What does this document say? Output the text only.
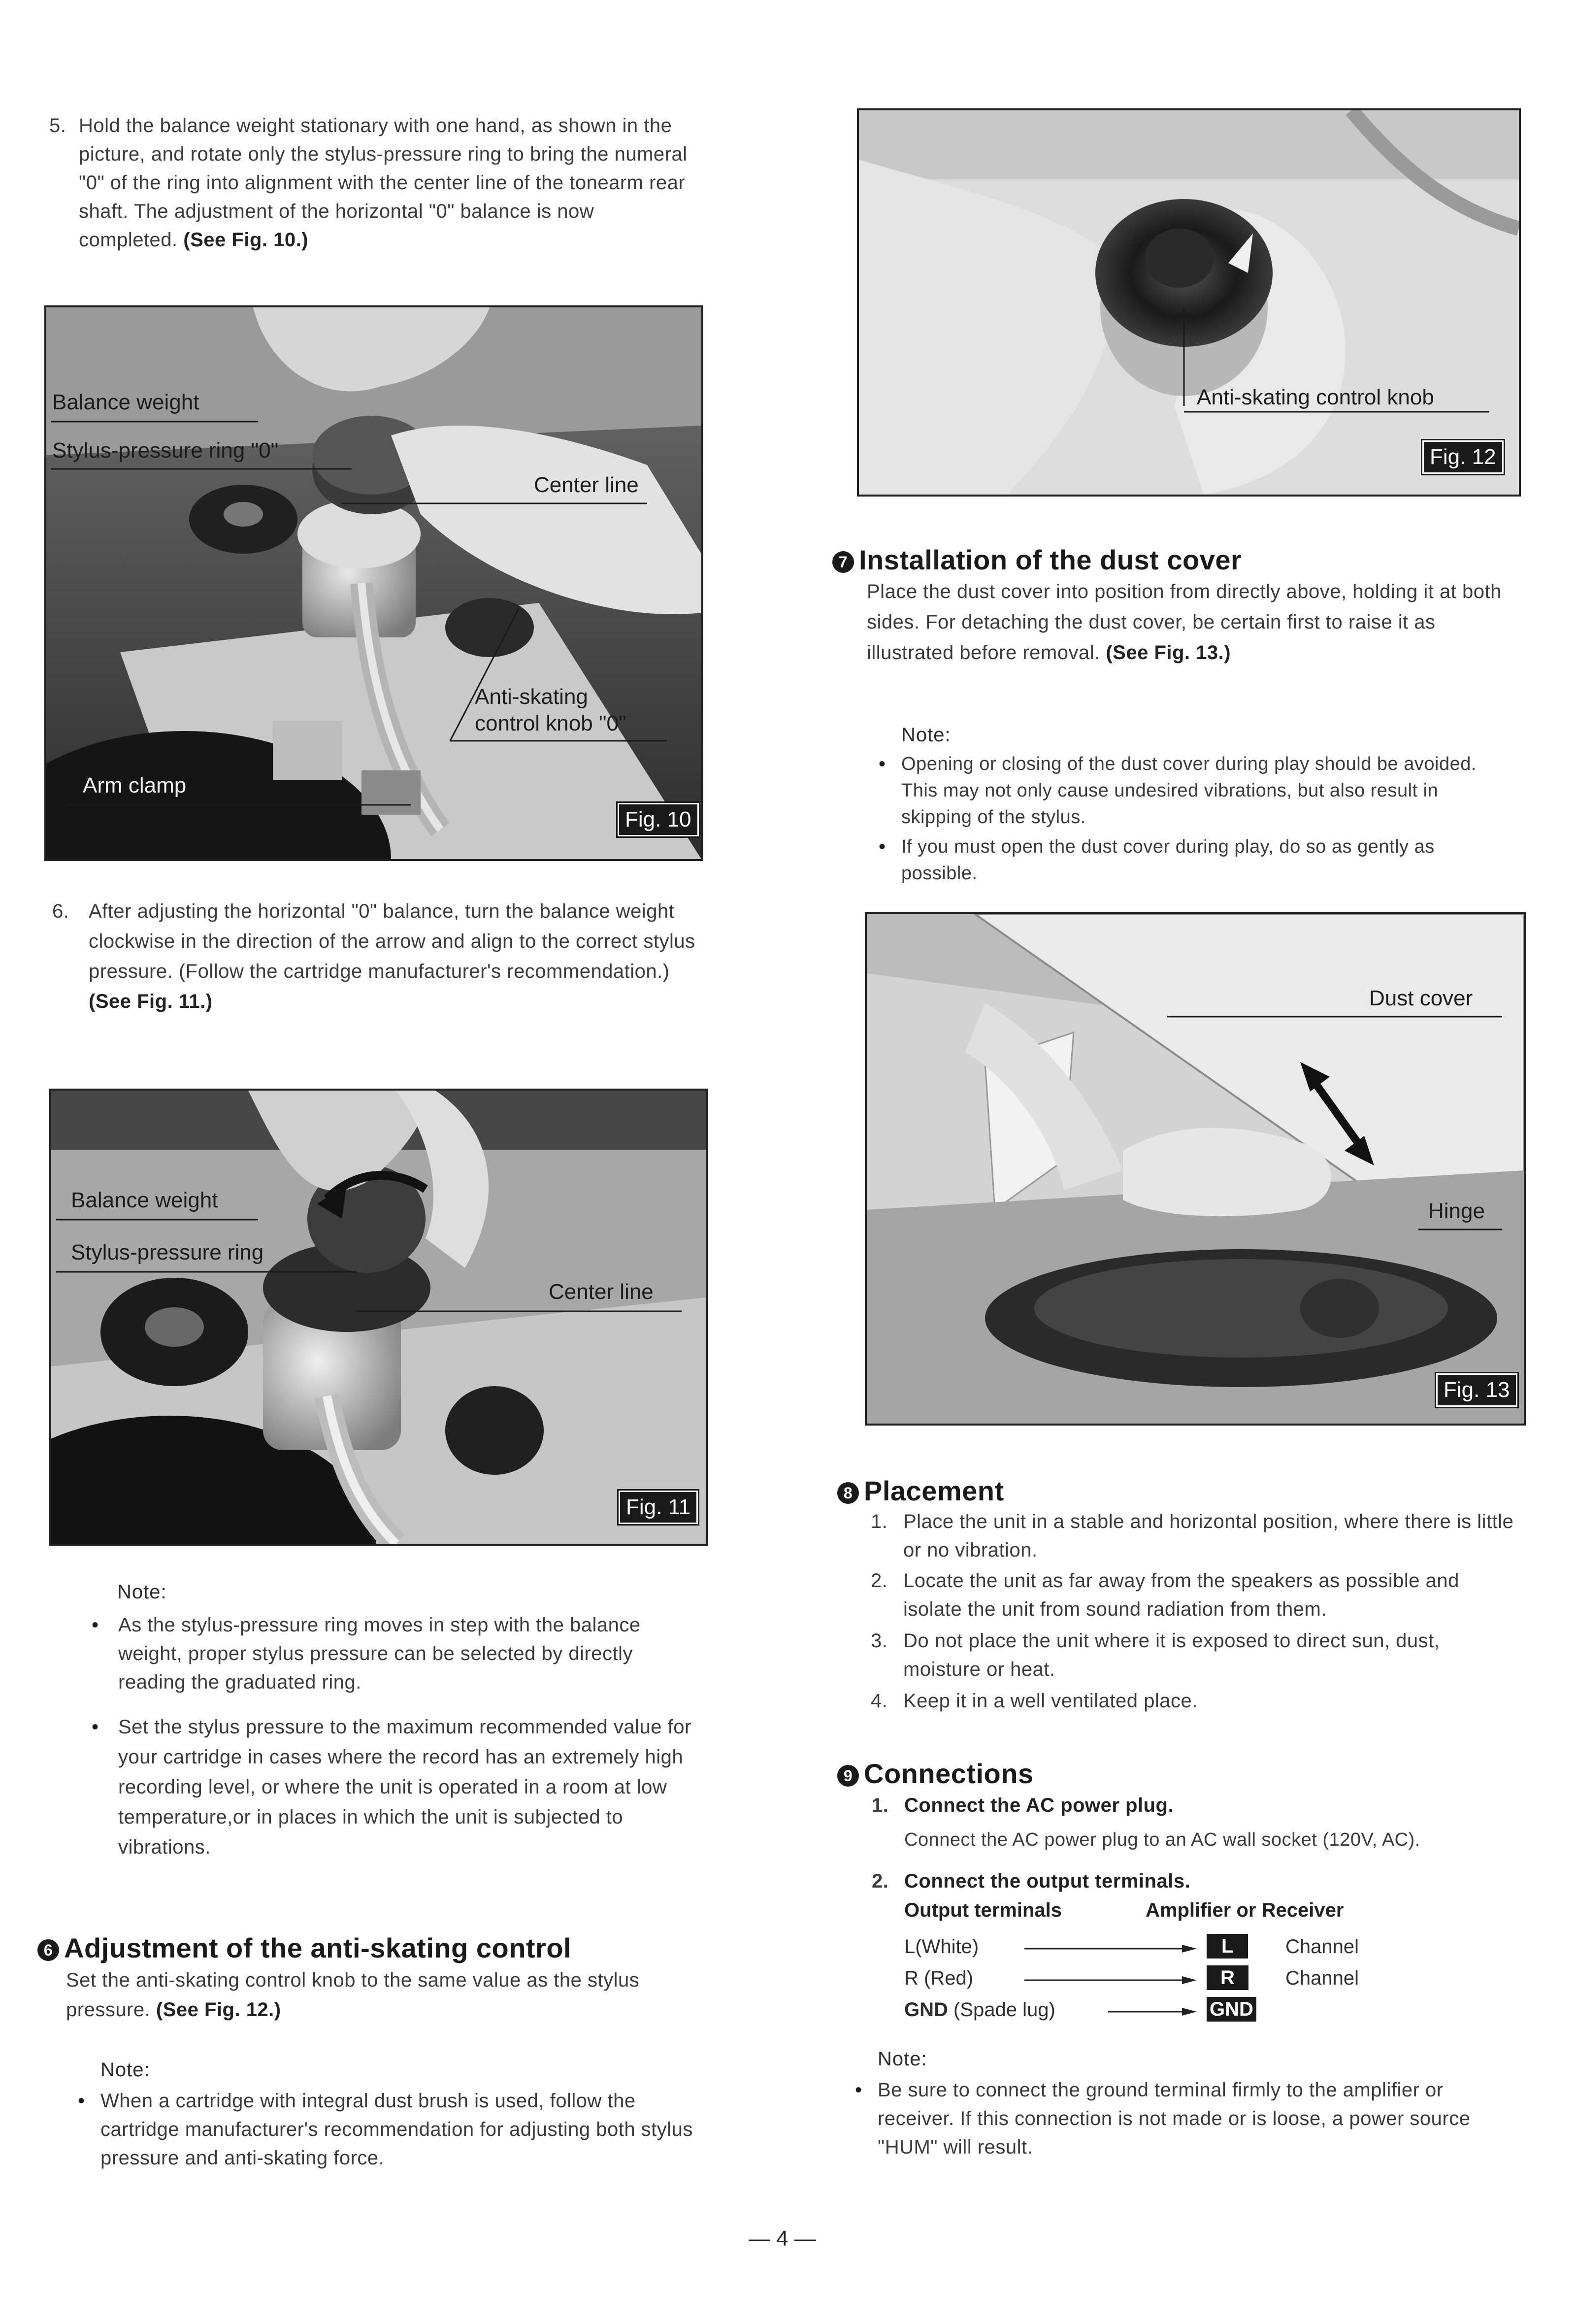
5. Hold the balance weight stationary with one hand, as shown in the picture, and rotate only the stylus-pressure ring to bring the numeral "0" of the ring into alignment with the center line of the tonearm rear shaft. The adjustment of the horizontal "0" balance is now completed. (See Fig. 10.)
Balance weight
Stylus-pressure ring "0"
Center line
Anti-skating
control knob "0"
Arm clamp
Fig. 10
6. After adjusting the horizontal "0" balance, turn the balance weight clockwise in the direction of the arrow and align to the correct stylus pressure. (Follow the cartridge manufacturer's recommendation.) (See Fig. 11.)
Balance weight
Stylus-pressure ring
Center line
Fig. 11
Note:
• As the stylus-pressure ring moves in step with the balance weight, proper stylus pressure can be selected by directly reading the graduated ring.
• Set the stylus pressure to the maximum recommended value for your cartridge in cases where the record has an extremely high recording level, or where the unit is operated in a room at low temperature,or in places in which the unit is subjected to vibrations.
6 Adjustment of the anti-skating control
Set the anti-skating control knob to the same value as the stylus pressure. (See Fig. 12.)
Note:
• When a cartridge with integral dust brush is used, follow the cartridge manufacturer's recommendation for adjusting both stylus pressure and anti-skating force.
Anti-skating control knob
Fig. 12
7 Installation of the dust cover
Place the dust cover into position from directly above, holding it at both sides. For detaching the dust cover, be certain first to raise it as illustrated before removal. (See Fig. 13.)
Note:
• Opening or closing of the dust cover during play should be avoided. This may not only cause undesired vibrations, but also result in skipping of the stylus.
• If you must open the dust cover during play, do so as gently as possible.
Dust cover
Hinge
Fig. 13
8 Placement
1. Place the unit in a stable and horizontal position, where there is little or no vibration.
2. Locate the unit as far away from the speakers as possible and isolate the unit from sound radiation from them.
3. Do not place the unit where it is exposed to direct sun, dust, moisture or heat.
4. Keep it in a well ventilated place.
9 Connections
1. Connect the AC power plug.
Connect the AC power plug to an AC wall socket (120V, AC).
2. Connect the output terminals.
Output terminals	Amplifier or Receiver
L(White)
R (Red)
GND (Spade lug)
L
R
GND
Channel
Channel
Note:
• Be sure to connect the ground terminal firmly to the amplifier or receiver. If this connection is not made or is loose, a power source "HUM" will result.
— 4 —
